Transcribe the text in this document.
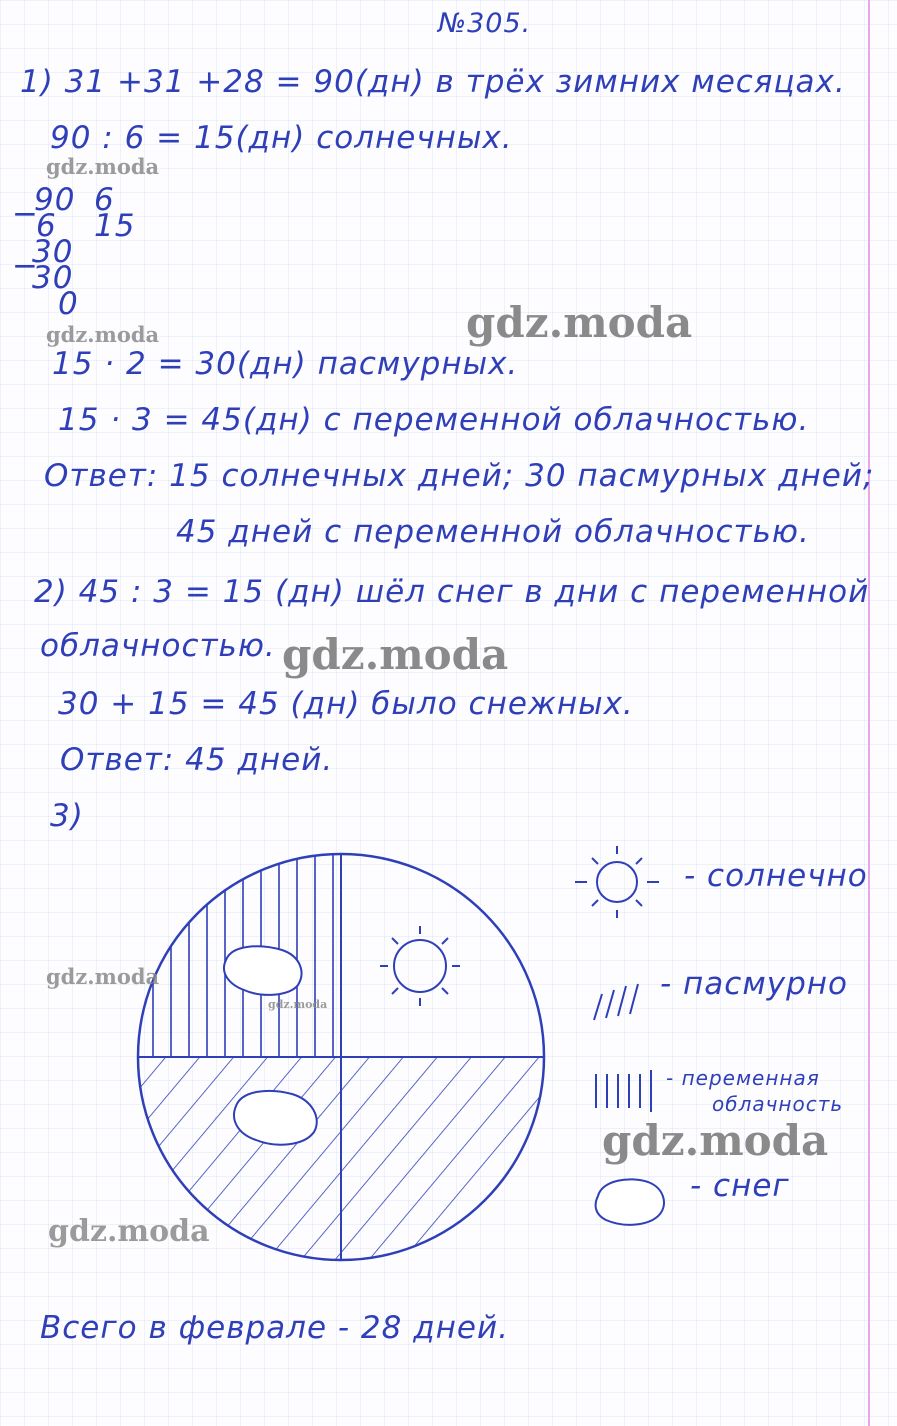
№305.
1) 31 +31 +28 = 90(дн) в трёх зимних месяцах.
90 : 6 = 15(дн) солнечных.
90 6
−
6 15
30
−
30
0
15 · 2 = 30(дн) пасмурных.
15 · 3 = 45(дн) с переменной облачностью.
Ответ: 15 солнечных дней; 30 пасмурных дней;
45 дней с переменной облачностью.
2) 45 : 3 = 15 (дн) шёл снег в дни с переменной
облачностью.
30 + 15 = 45 (дн) было снежных.
Ответ: 45 дней.
3)
- солнечно
- пасмурно
- переменная
облачность
- снег
Всего в феврале - 28 дней.
gdz.moda
gdz.moda	gdz.moda
gdz.moda
gdz.moda
gdz.moda
gdz.moda
gdz.moda
